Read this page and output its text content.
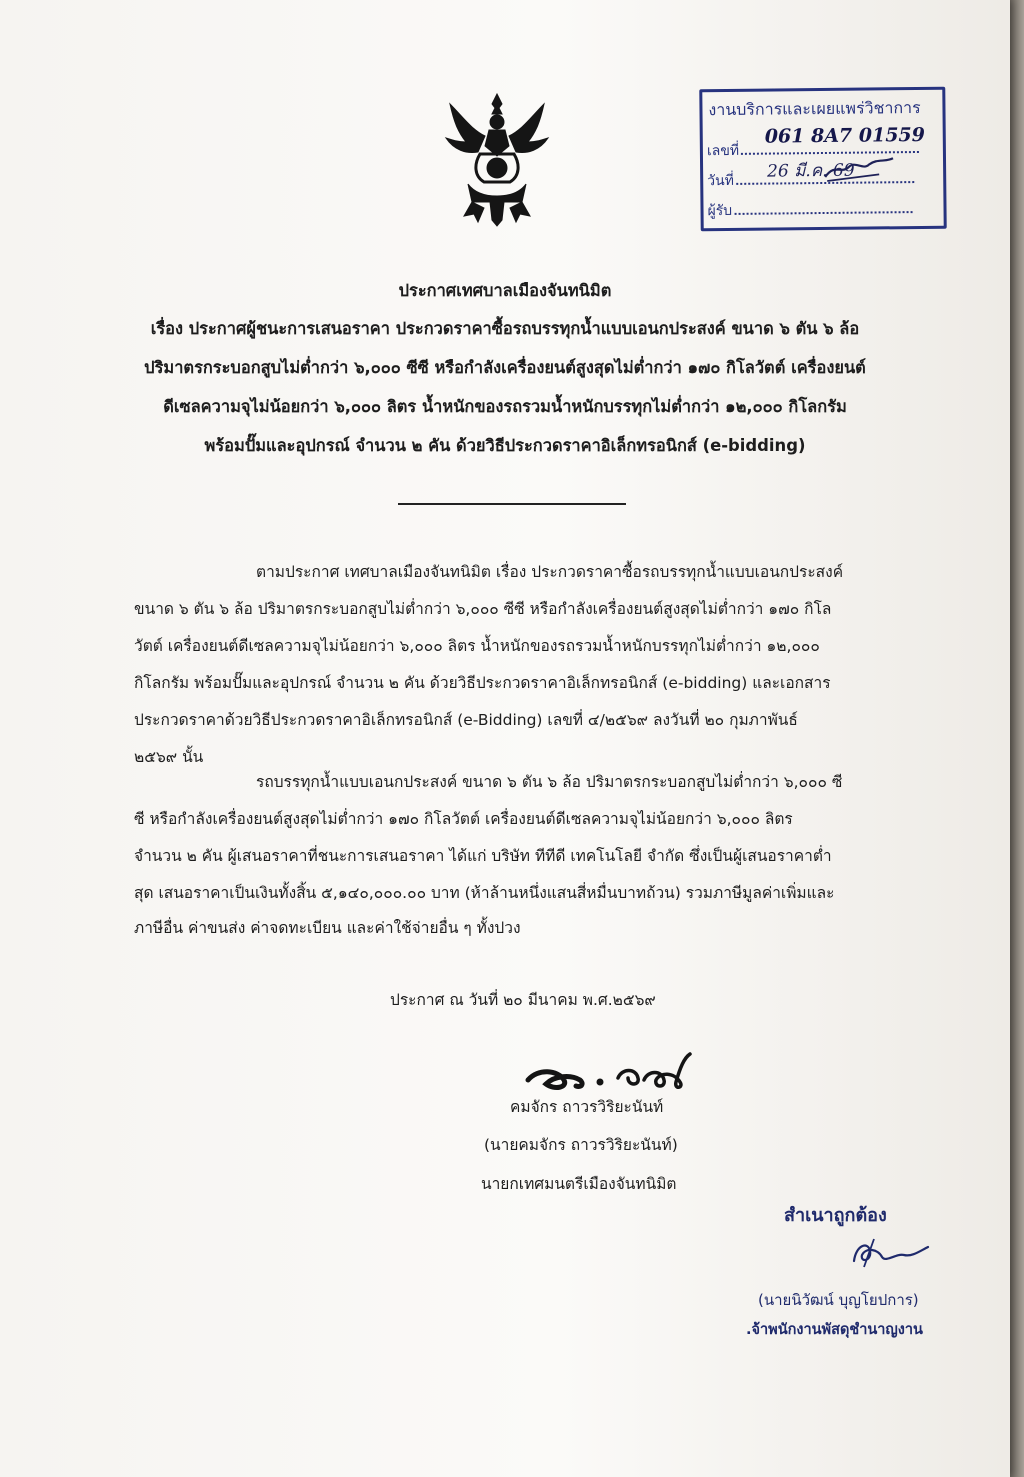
งานบริการและเผยแพร่วิชาการ
เลขที่
วันที่
ผู้รับ
061 8A7 01559
26 มี.ค. 69
ประกาศเทศบาลเมืองจันทนิมิต
เรื่อง ประกาศผู้ชนะการเสนอราคา ประกวดราคาซื้อรถบรรทุกน้ำแบบเอนกประสงค์ ขนาด ๖ ตัน ๖ ล้อ
ปริมาตรกระบอกสูบไม่ต่ำกว่า ๖,๐๐๐ ซีซี หรือกำลังเครื่องยนต์สูงสุดไม่ต่ำกว่า ๑๗๐ กิโลวัตต์ เครื่องยนต์
ดีเซลความจุไม่น้อยกว่า ๖,๐๐๐ ลิตร น้ำหนักของรถรวมน้ำหนักบรรทุกไม่ต่ำกว่า ๑๒,๐๐๐ กิโลกรัม
พร้อมปั๊มและอุปกรณ์ จำนวน ๒ คัน ด้วยวิธีประกวดราคาอิเล็กทรอนิกส์ (e-bidding)
ตามประกาศ เทศบาลเมืองจันทนิมิต เรื่อง ประกวดราคาซื้อรถบรรทุกน้ำแบบเอนกประสงค์
ขนาด ๖ ตัน ๖ ล้อ ปริมาตรกระบอกสูบไม่ต่ำกว่า ๖,๐๐๐ ซีซี หรือกำลังเครื่องยนต์สูงสุดไม่ต่ำกว่า ๑๗๐ กิโล
วัตต์ เครื่องยนต์ดีเซลความจุไม่น้อยกว่า ๖,๐๐๐ ลิตร น้ำหนักของรถรวมน้ำหนักบรรทุกไม่ต่ำกว่า ๑๒,๐๐๐
กิโลกรัม พร้อมปั๊มและอุปกรณ์ จำนวน ๒ คัน ด้วยวิธีประกวดราคาอิเล็กทรอนิกส์ (e-bidding) และเอกสาร
ประกวดราคาด้วยวิธีประกวดราคาอิเล็กทรอนิกส์ (e-Bidding) เลขที่ ๔/๒๕๖๙ ลงวันที่ ๒๐ กุมภาพันธ์
๒๕๖๙ นั้น
รถบรรทุกน้ำแบบเอนกประสงค์ ขนาด ๖ ตัน ๖ ล้อ ปริมาตรกระบอกสูบไม่ต่ำกว่า ๖,๐๐๐ ซี
ซี หรือกำลังเครื่องยนต์สูงสุดไม่ต่ำกว่า ๑๗๐ กิโลวัตต์ เครื่องยนต์ดีเซลความจุไม่น้อยกว่า ๖,๐๐๐ ลิตร
จำนวน ๒ คัน ผู้เสนอราคาที่ชนะการเสนอราคา ได้แก่ บริษัท ทีทีดี เทคโนโลยี จำกัด ซึ่งเป็นผู้เสนอราคาต่ำ
สุด เสนอราคาเป็นเงินทั้งสิ้น ๕,๑๔๐,๐๐๐.๐๐ บาท (ห้าล้านหนึ่งแสนสี่หมื่นบาทถ้วน) รวมภาษีมูลค่าเพิ่มและ
ภาษีอื่น ค่าขนส่ง ค่าจดทะเบียน และค่าใช้จ่ายอื่น ๆ ทั้งปวง
ประกาศ ณ วันที่ ๒๐ มีนาคม พ.ศ.๒๕๖๙
คมจักร ถาวรวิริยะนันท์
(นายคมจักร ถาวรวิริยะนันท์)
นายกเทศมนตรีเมืองจันทนิมิต
สำเนาถูกต้อง
(นายนิวัฒน์ บุญโยปการ)
.จ้าพนักงานพัสดุชำนาญงาน
